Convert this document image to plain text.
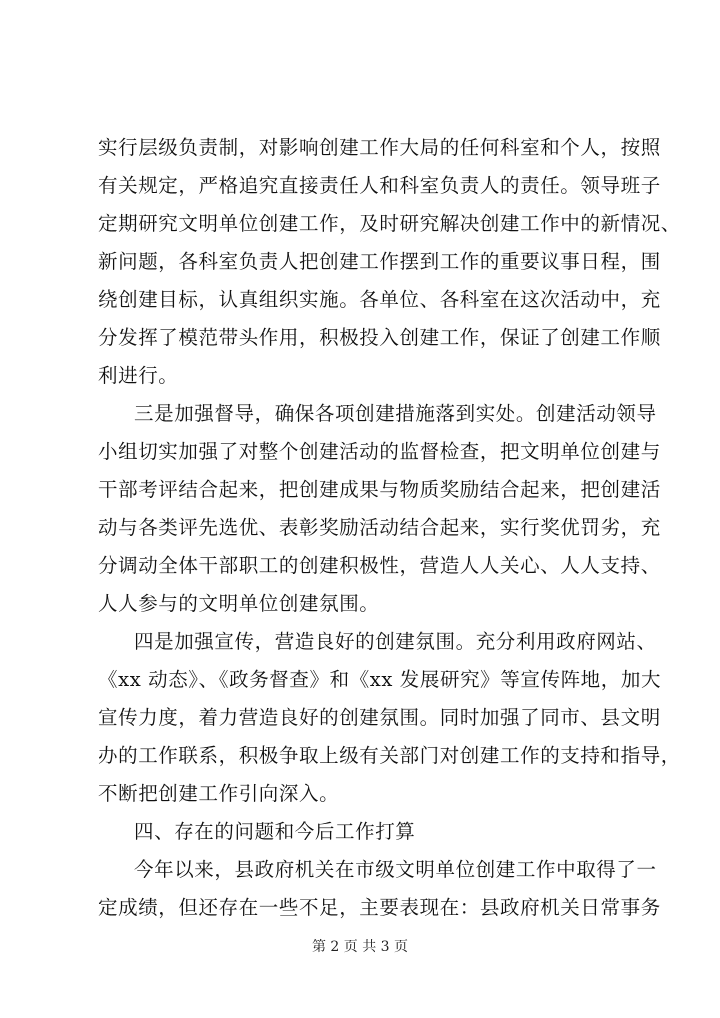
实行层级负责制，对影响创建工作大局的任何科室和个人，按照
有关规定，严格追究直接责任人和科室负责人的责任。领导班子
定期研究文明单位创建工作，及时研究解决创建工作中的新情况、
新问题，各科室负责人把创建工作摆到工作的重要议事日程，围
绕创建目标，认真组织实施。各单位、各科室在这次活动中，充
分发挥了模范带头作用，积极投入创建工作，保证了创建工作顺
利进行。
三是加强督导，确保各项创建措施落到实处。创建活动领导
小组切实加强了对整个创建活动的监督检查，把文明单位创建与
干部考评结合起来，把创建成果与物质奖励结合起来，把创建活
动与各类评先选优、表彰奖励活动结合起来，实行奖优罚劣，充
分调动全体干部职工的创建积极性，营造人人关心、人人支持、
人人参与的文明单位创建氛围。
四是加强宣传，营造良好的创建氛围。充分利用政府网站、
《xx 动态》、《政务督查》和《xx 发展研究》等宣传阵地，加大
宣传力度，着力营造良好的创建氛围。同时加强了同市、县文明
办的工作联系，积极争取上级有关部门对创建工作的支持和指导，
不断把创建工作引向深入。
四、存在的问题和今后工作打算
今年以来，县政府机关在市级文明单位创建工作中取得了一
定成绩，但还存在一些不足，主要表现在：县政府机关日常事务
第 2 页 共 3 页
